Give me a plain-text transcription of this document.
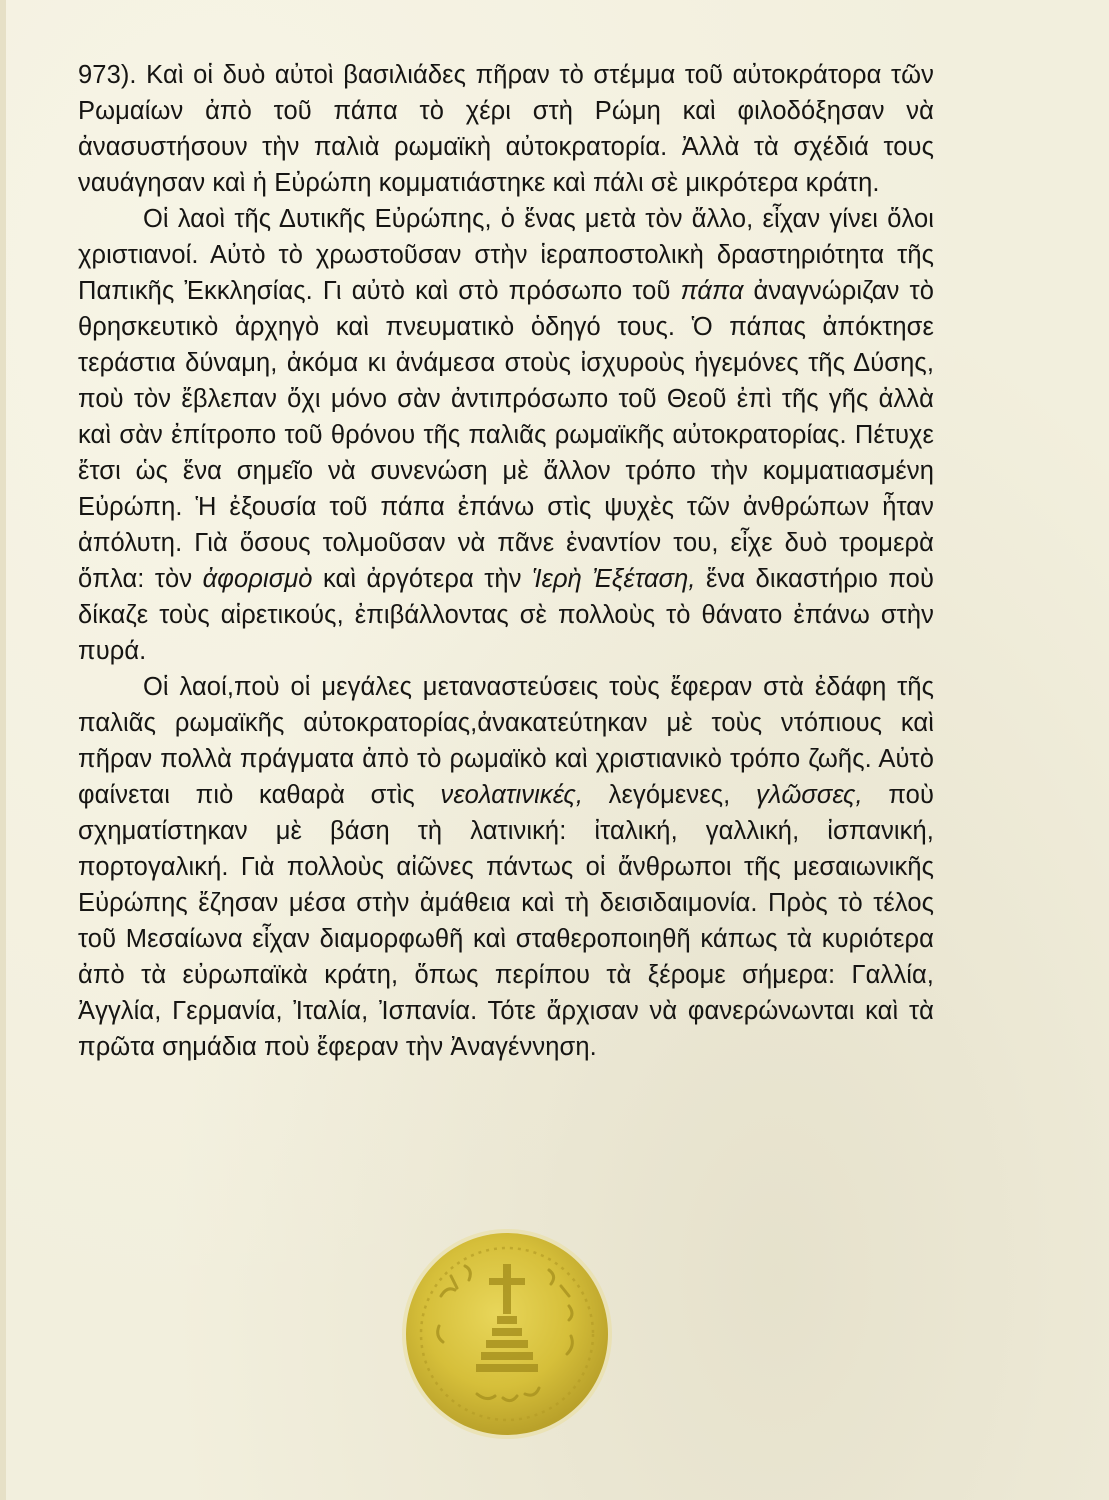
973). Καὶ οἱ δυὸ αὐτοὶ βασιλιάδες πῆραν τὸ στέμμα τοῦ αὐτοκράτορα τῶν Ρωμαίων ἀπὸ τοῦ πάπα τὸ χέρι στὴ Ρώμη καὶ φιλοδόξησαν νὰ ἀνασυστήσουν τὴν παλιὰ ρωμαϊκὴ αὐτοκρατορία. Ἀλλὰ τὰ σχέδιά τους ναυάγησαν καὶ ἡ Εὐρώπη κομματιάστηκε καὶ πάλι σὲ μικρότερα κράτη.

Οἱ λαοὶ τῆς Δυτικῆς Εὐρώπης, ὁ ἕνας μετὰ τὸν ἄλλο, εἶχαν γίνει ὅλοι χριστιανοί. Αὐτὸ τὸ χρωστοῦσαν στὴν ἱεραποστολικὴ δραστηριότητα τῆς Παπικῆς Ἐκκλησίας. Γι αὐτὸ καὶ στὸ πρόσωπο τοῦ πάπα ἀναγνώριζαν τὸ θρησκευτικὸ ἀρχηγὸ καὶ πνευματικὸ ὁδηγό τους. Ὁ πάπας ἀπόκτησε τεράστια δύναμη, ἀκόμα κι ἀνάμεσα στοὺς ἰσχυροὺς ἡγεμόνες τῆς Δύσης, ποὺ τὸν ἔβλεπαν ὄχι μόνο σὰν ἀντιπρόσωπο τοῦ Θεοῦ ἐπὶ τῆς γῆς ἀλλὰ καὶ σὰν ἐπίτροπο τοῦ θρόνου τῆς παλιᾶς ρωμαϊκῆς αὐτοκρατορίας. Πέτυχε ἔτσι ὡς ἕνα σημεῖο νὰ συνενώση μὲ ἄλλον τρόπο τὴν κομματιασμένη Εὐρώπη. Ἡ ἐξουσία τοῦ πάπα ἐπάνω στὶς ψυχὲς τῶν ἀνθρώπων ἦταν ἀπόλυτη. Γιὰ ὅσους τολμοῦσαν νὰ πᾶνε ἐναντίον του, εἶχε δυὸ τρομερὰ ὅπλα: τὸν ἀφορισμὸ καὶ ἀργότερα τὴν Ἱερὴ Ἐξέταση, ἕνα δικαστήριο ποὺ δίκαζε τοὺς αἱρετικούς, ἐπιβάλλοντας σὲ πολλοὺς τὸ θάνατο ἐπάνω στὴν πυρά.

Οἱ λαοί,ποὺ οἱ μεγάλες μεταναστεύσεις τοὺς ἔφεραν στὰ ἐδάφη τῆς παλιᾶς ρωμαϊκῆς αὐτοκρατορίας,ἀνακατεύτηκαν μὲ τοὺς ντόπιους καὶ πῆραν πολλὰ πράγματα ἀπὸ τὸ ρωμαϊκὸ καὶ χριστιανικὸ τρόπο ζωῆς. Αὐτὸ φαίνεται πιὸ καθαρὰ στὶς νεολατινικές, λεγόμενες, γλῶσσες, ποὺ σχηματίστηκαν μὲ βάση τὴ λατινική: ἰταλική, γαλλική, ἰσπανική, πορτογαλική. Γιὰ πολλοὺς αἰῶνες πάντως οἱ ἄνθρωποι τῆς μεσαιωνικῆς Εὐρώπης ἔζησαν μέσα στὴν ἀμάθεια καὶ τὴ δεισιδαιμονία. Πρὸς τὸ τέλος τοῦ Μεσαίωνα εἶχαν διαμορφωθῆ καὶ σταθεροποιηθῆ κάπως τὰ κυριότερα ἀπὸ τὰ εὐρωπαϊκὰ κράτη, ὅπως περίπου τὰ ξέρομε σήμερα: Γαλλία, Ἀγγλία, Γερμανία, Ἰταλία, Ἰσπανία. Τότε ἄρχισαν νὰ φανερώνωνται καὶ τὰ πρῶτα σημάδια ποὺ ἔφεραν τὴν Ἀναγέννηση.
